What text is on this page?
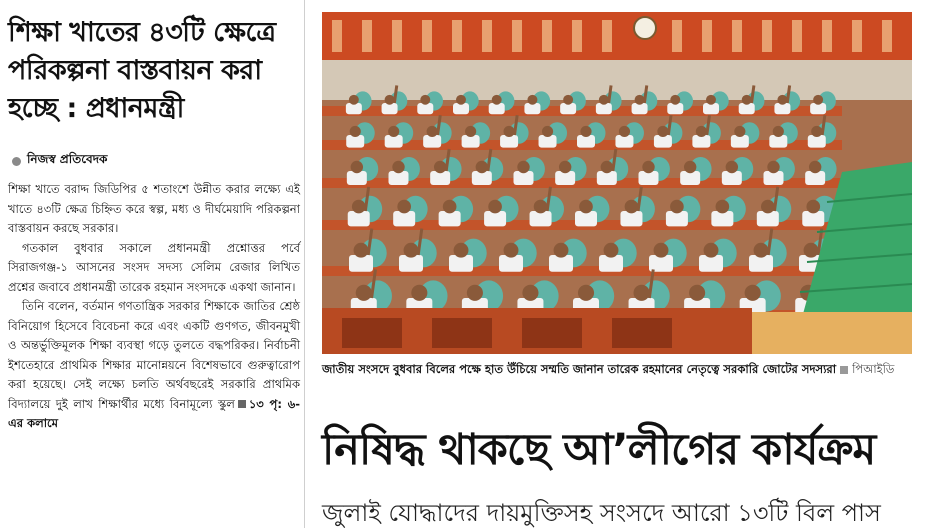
শিক্ষা খাতের ৪৩টি ক্ষেত্রে পরিকল্পনা বাস্তবায়ন করা হচ্ছে : প্রধানমন্ত্রী
নিজস্ব প্রতিবেদক

শিক্ষা খাতে বরাদ্দ জিডিপির ৫ শতাংশে উন্নীত করার লক্ষ্যে এই খাতে ৪৩টি ক্ষেত্র চিহ্নিত করে স্বল্প, মধ্য ও দীর্ঘমেয়াদি পরিকল্পনা বাস্তবায়ন করছে সরকার।

গতকাল বুধবার সকালে প্রধানমন্ত্রী প্রশ্নোত্তর পর্বে সিরাজগঞ্জ-১ আসনের সংসদ সদস্য সেলিম রেজার লিখিত প্রশ্নের জবাবে প্রধানমন্ত্রী তারেক রহমান সংসদকে একথা জানান।

তিনি বলেন, বর্তমান গণতান্ত্রিক সরকার শিক্ষাকে জাতির শ্রেষ্ঠ বিনিয়োগ হিসেবে বিবেচনা করে এবং একটি গুণগত, জীবনমুখী ও অন্তর্ভুক্তিমূলক শিক্ষা ব্যবস্থা গড়ে তুলতে বদ্ধপরিকর। নির্বাচনী ইশতেহারে প্রাথমিক শিক্ষার মানোন্নয়নে বিশেষভাবে গুরুত্বারোপ করা হয়েছে। সেই লক্ষ্যে চলতি অর্থবছরেই সরকারি প্রাথমিক বিদ্যালয়ে দুই লাখ শিক্ষার্থীর মধ্যে বিনামূল্যে স্কুল ১৩ পৃ: ৬-এর কলামে

জাতীয় সংসদে বুধবার বিলের পক্ষে হাত উঁচিয়ে সম্মতি জানান তারেক রহমানের নেতৃত্বে সরকারি জোটের সদস্যরা পিআইডি
নিষিদ্ধ থাকছে আ’লীগের কার্যক্রম
জুলাই যোদ্ধাদের দায়মুক্তিসহ সংসদে আরো ১৩টি বিল পাস
